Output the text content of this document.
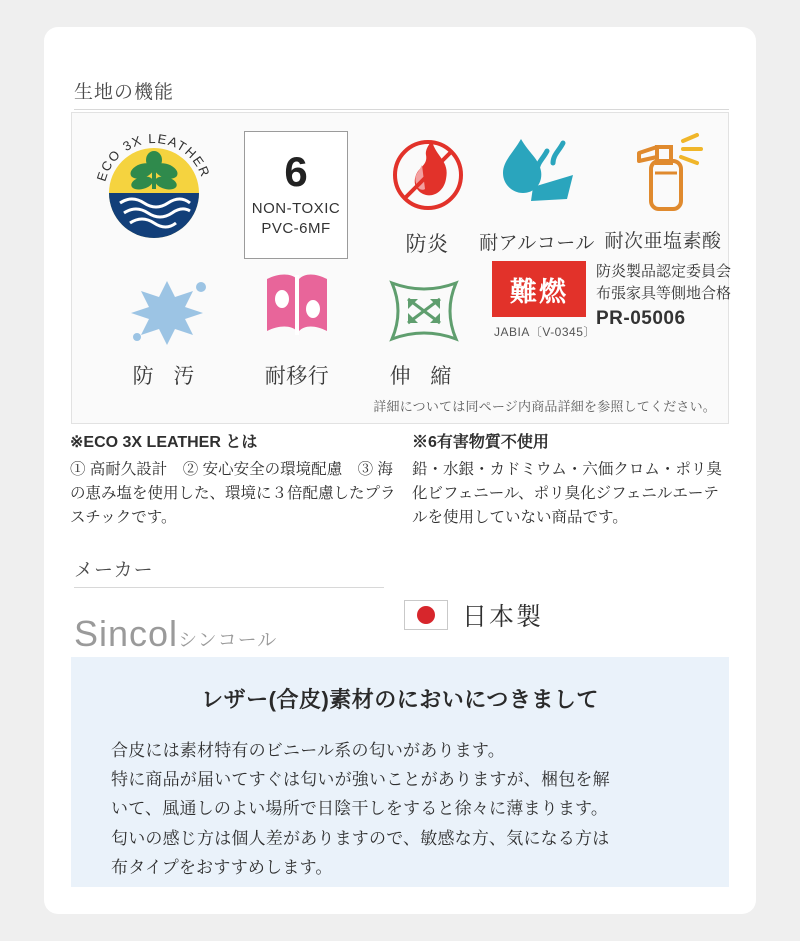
生地の機能
ECO 3X LEATHER 6
NON-TOXIC
PVC-6MF
防炎	耐アルコール 耐次亜塩素酸
防 汚	耐移行	伸 縮
難燃
JABIA〔V-0345〕
防炎製品認定委員会
布張家具等側地合格
PR-05006
詳細については同ページ内商品詳細を参照してください。
※ECO 3X LEATHER とは
① 高耐久設計　② 安心安全の環境配慮　③ 海の恵み塩を使用した、環境に３倍配慮したプラスチックです。
※6有害物質不使用
鉛・水銀・カドミウム・六価クロム・ポリ臭化ビフェニール、ポリ臭化ジフェニルエーテルを使用していない商品です。
メーカー
Sincolシンコール
日本製
レザー(合皮)素材のにおいにつきまして

合皮には素材特有のビニール系の匂いがあります。
特に商品が届いてすぐは匂いが強いことがありますが、梱包を解
いて、風通しのよい場所で日陰干しをすると徐々に薄まります。
匂いの感じ方は個人差がありますので、敏感な方、気になる方は
布タイプをおすすめします。
